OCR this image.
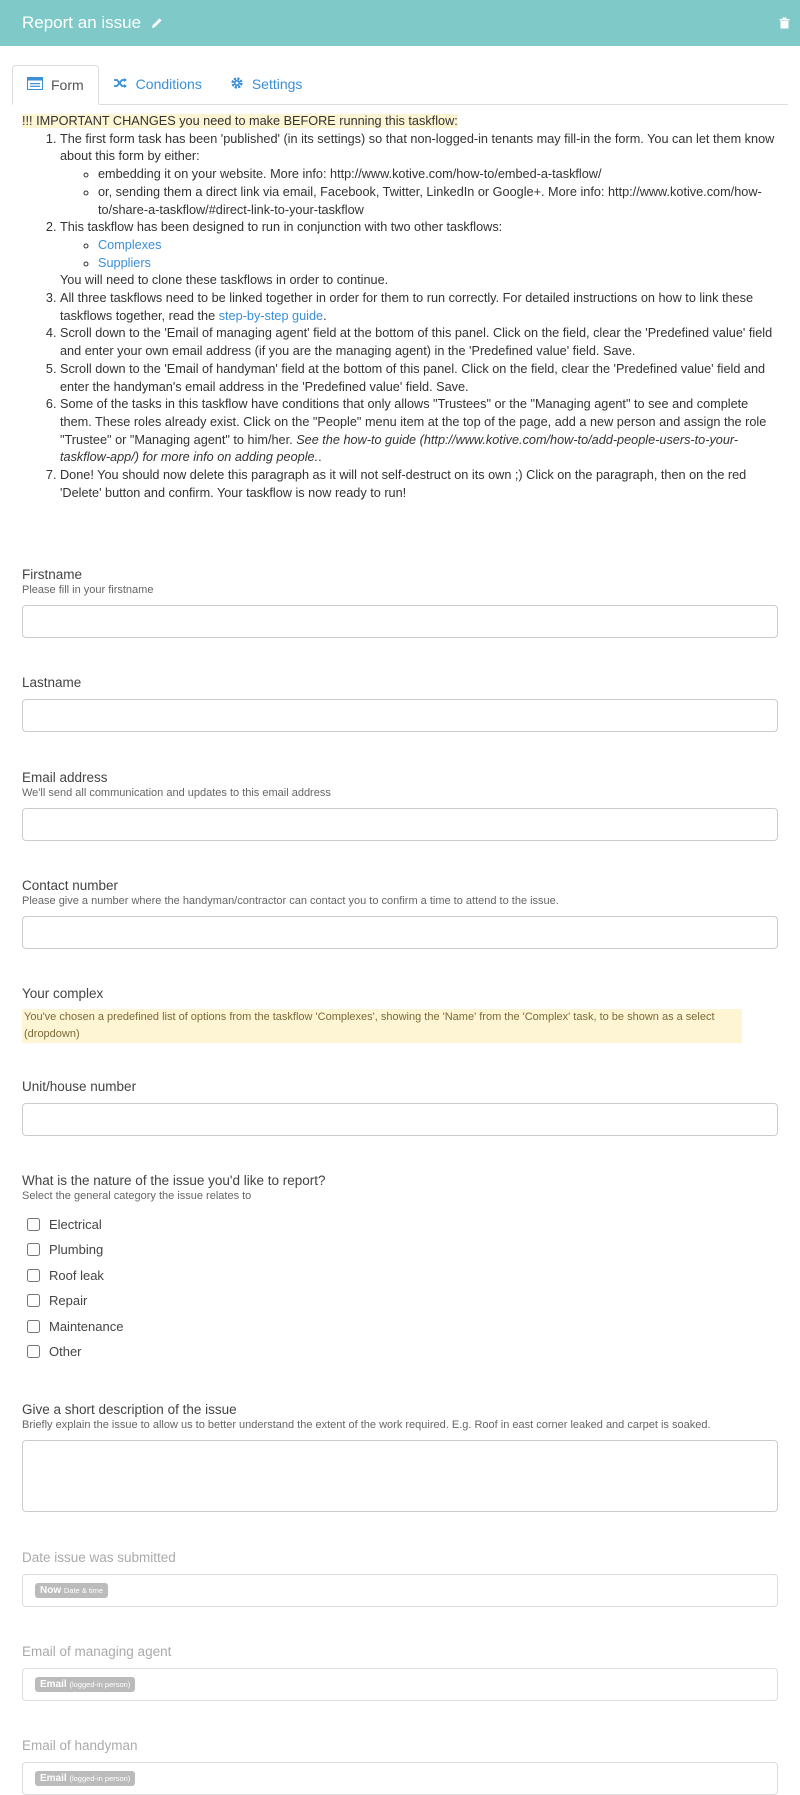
Report an issue
Form	Conditions	Settings
!!! IMPORTANT CHANGES you need to make BEFORE running this taskflow:
1. The first form task has been 'published' (in its settings) so that non-logged-in tenants may fill-in the form. You can let them know about this form by either:
◦ embedding it on your website. More info: http://www.kotive.com/how-to/embed-a-taskflow/
◦ or, sending them a direct link via email, Facebook, Twitter, LinkedIn or Google+. More info: http://www.kotive.com/how-to/share-a-taskflow/#direct-link-to-your-taskflow
2. This taskflow has been designed to run in conjunction with two other taskflows:
◦ Complexes
◦ Suppliers
You will need to clone these taskflows in order to continue.
3. All three taskflows need to be linked together in order for them to run correctly. For detailed instructions on how to link these taskflows together, read the step-by-step guide.
4. Scroll down to the 'Email of managing agent' field at the bottom of this panel. Click on the field, clear the 'Predefined value' field and enter your own email address (if you are the managing agent) in the 'Predefined value' field. Save.
5. Scroll down to the 'Email of handyman' field at the bottom of this panel. Click on the field, clear the 'Predefined value' field and enter the handyman's email address in the 'Predefined value' field. Save.
6. Some of the tasks in this taskflow have conditions that only allows "Trustees" or the "Managing agent" to see and complete them. These roles already exist. Click on the "People" menu item at the top of the page, add a new person and assign the role "Trustee" or "Managing agent" to him/her. See the how-to guide (http://www.kotive.com/how-to/add-people-users-to-your-taskflow-app/) for more info on adding people..
7. Done! You should now delete this paragraph as it will not self-destruct on its own ;) Click on the paragraph, then on the red 'Delete' button and confirm. Your taskflow is now ready to run!
Firstname
Please fill in your firstname
Lastname
Email address
We'll send all communication and updates to this email address
Contact number
Please give a number where the handyman/contractor can contact you to confirm a time to attend to the issue.
Your complex
You've chosen a predefined list of options from the taskflow 'Complexes', showing the 'Name' from the 'Complex' task, to be shown as a select (dropdown)
Unit/house number
What is the nature of the issue you'd like to report?
Select the general category the issue relates to
Electrical
Plumbing
Roof leak
Repair
Maintenance
Other
Give a short description of the issue
Briefly explain the issue to allow us to better understand the extent of the work required. E.g. Roof in east corner leaked and carpet is soaked.
Date issue was submitted
Now Date & time
Email of managing agent
Email (logged-in person)
Email of handyman
Email (logged-in person)
